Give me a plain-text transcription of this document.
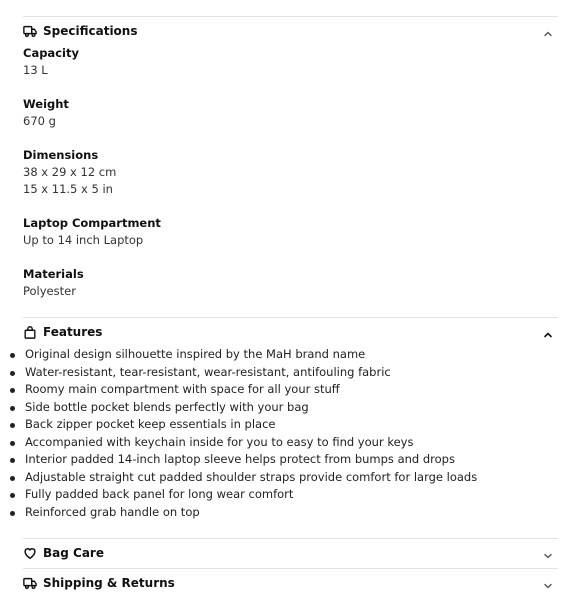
Specifications
Capacity
13 L
Weight
670 g
Dimensions
38 x 29 x 12 cm
15 x 11.5 x 5 in
Laptop Compartment
Up to 14 inch Laptop
Materials
Polyester
Features
Original design silhouette inspired by the MaH brand name
Water-resistant, tear-resistant, wear-resistant, antifouling fabric
Roomy main compartment with space for all your stuff
Side bottle pocket blends perfectly with your bag
Back zipper pocket keep essentials in place
Accompanied with keychain inside for you to easy to find your keys
Interior padded 14-inch laptop sleeve helps protect from bumps and drops
Adjustable straight cut padded shoulder straps provide comfort for large loads
Fully padded back panel for long wear comfort
Reinforced grab handle on top
Bag Care
Shipping & Returns
